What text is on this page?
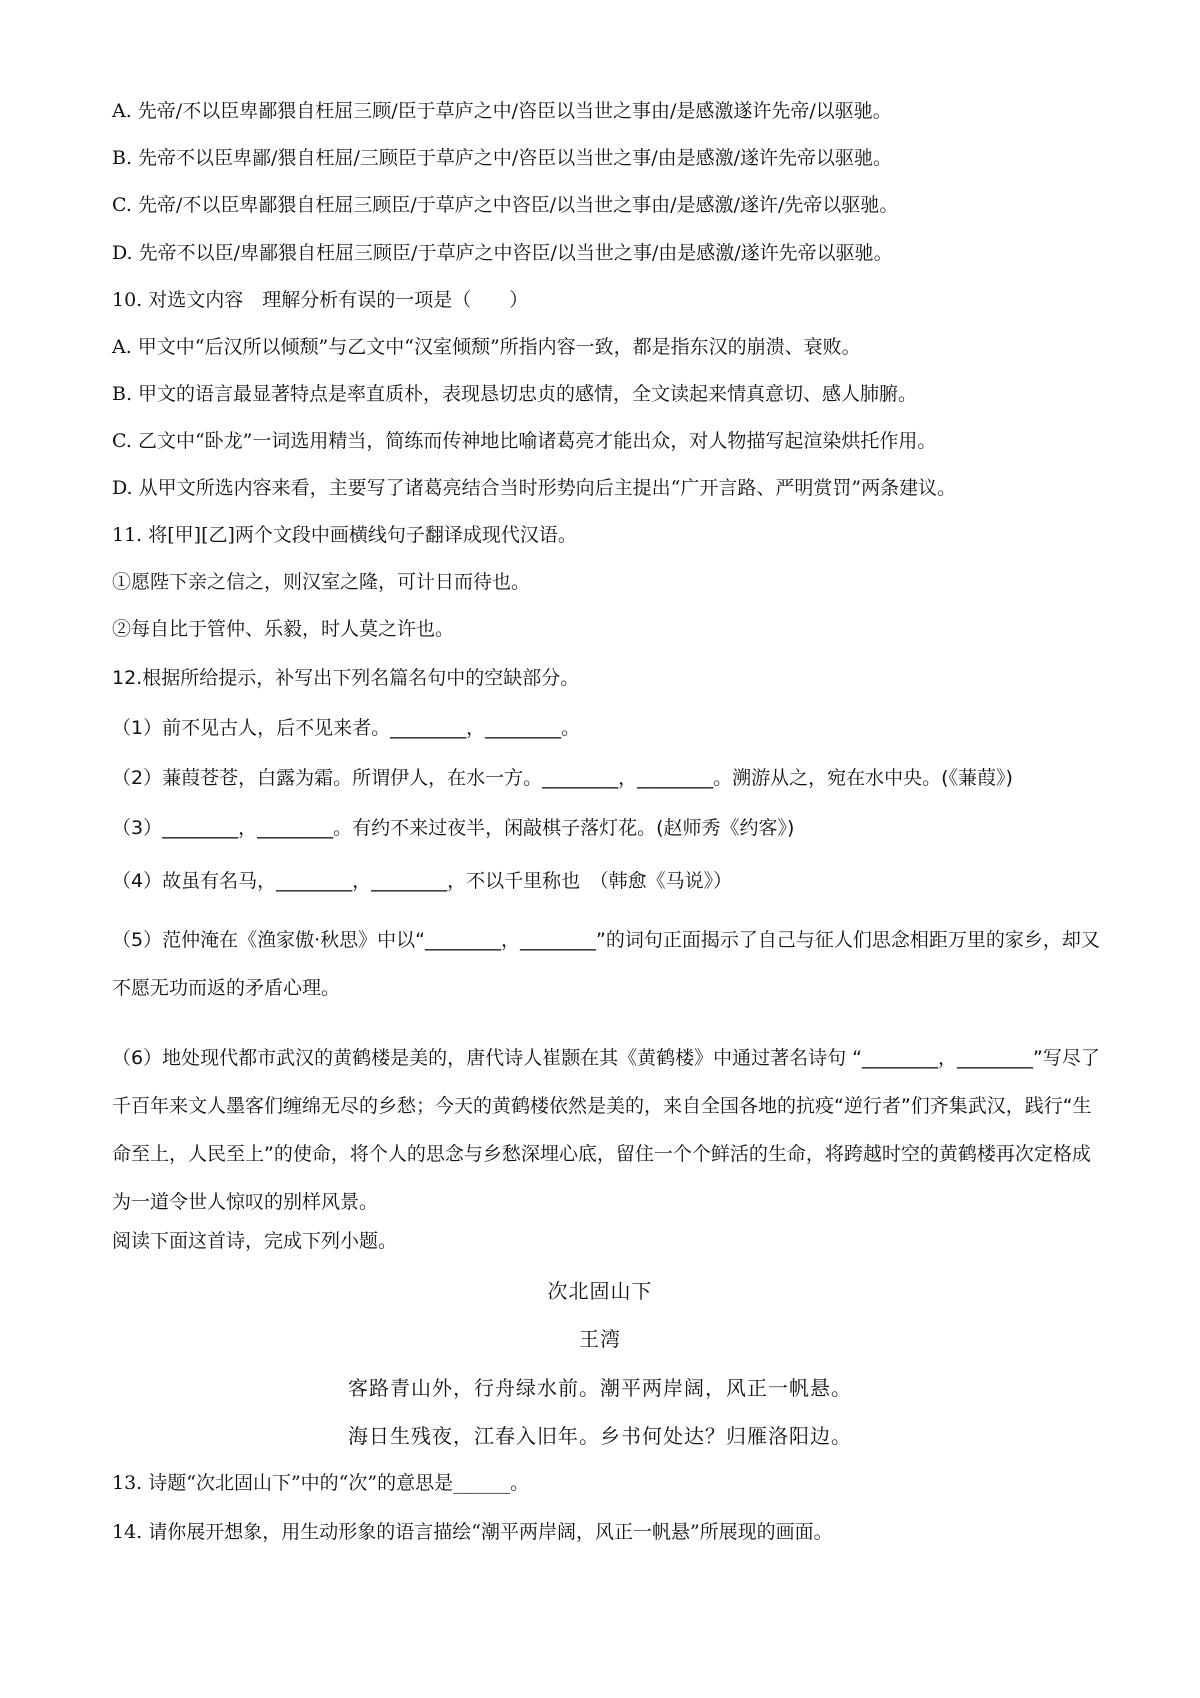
A. 先帝/不以臣卑鄙猥自枉屈三顾/臣于草庐之中/咨臣以当世之事由/是感激遂许先帝/以驱驰。
B. 先帝不以臣卑鄙/猥自枉屈/三顾臣于草庐之中/咨臣以当世之事/由是感激/遂许先帝以驱驰。
C. 先帝/不以臣卑鄙猥自枉屈三顾臣/于草庐之中咨臣/以当世之事由/是感激/遂许/先帝以驱驰。
D. 先帝不以臣/卑鄙猥自枉屈三顾臣/于草庐之中咨臣/以当世之事/由是感激/遂许先帝以驱驰。
10. 对选文内容　理解分析有误的一项是（　　）
A. 甲文中“后汉所以倾颓”与乙文中“汉室倾颓”所指内容一致，都是指东汉的崩溃、衰败。
B. 甲文的语言最显著特点是率直质朴，表现恳切忠贞的感情，全文读起来情真意切、感人肺腑。
C. 乙文中“卧龙”一词选用精当，简练而传神地比喻诸葛亮才能出众，对人物描写起渲染烘托作用。
D. 从甲文所选内容来看，主要写了诸葛亮结合当时形势向后主提出“广开言路、严明赏罚”两条建议。
11. 将[甲][乙]两个文段中画横线句子翻译成现代汉语。
①愿陛下亲之信之，则汉室之隆，可计日而待也。
②每自比于管仲、乐毅，时人莫之许也。
12.根据所给提示，补写出下列名篇名句中的空缺部分。
（1）前不见古人，后不见来者。________，________。
（2）蒹葭苍苍，白露为霜。所谓伊人，在水一方。________，________。溯游从之，宛在水中央。(《蒹葭》)
（3）________，________。有约不来过夜半，闲敲棋子落灯花。(赵师秀《约客》)
（4）故虽有名马，________，________，不以千里称也　（韩愈《马说》）
（5）范仲淹在《渔家傲·秋思》中以“________，________”的词句正面揭示了自己与征人们思念相距万里的家乡，却又不愿无功而返的矛盾心理。
（6）地处现代都市武汉的黄鹤楼是美的，唐代诗人崔颢在其《黄鹤楼》中通过著名诗句 “________，________”写尽了千百年来文人墨客们缠绵无尽的乡愁；今天的黄鹤楼依然是美的，来自全国各地的抗疫“逆行者”们齐集武汉，践行“生命至上，人民至上”的使命，将个人的思念与乡愁深埋心底，留住一个个鲜活的生命，将跨越时空的黄鹤楼再次定格成为一道令世人惊叹的别样风景。
阅读下面这首诗，完成下列小题。
次北固山下
王湾
客路青山外，行舟绿水前。潮平两岸阔，风正一帆悬。
海日生残夜，江春入旧年。乡书何处达？归雁洛阳边。
13. 诗题“次北固山下”中的“次”的意思是______。
14. 请你展开想象，用生动形象的语言描绘“潮平两岸阔，风正一帆悬”所展现的画面。
